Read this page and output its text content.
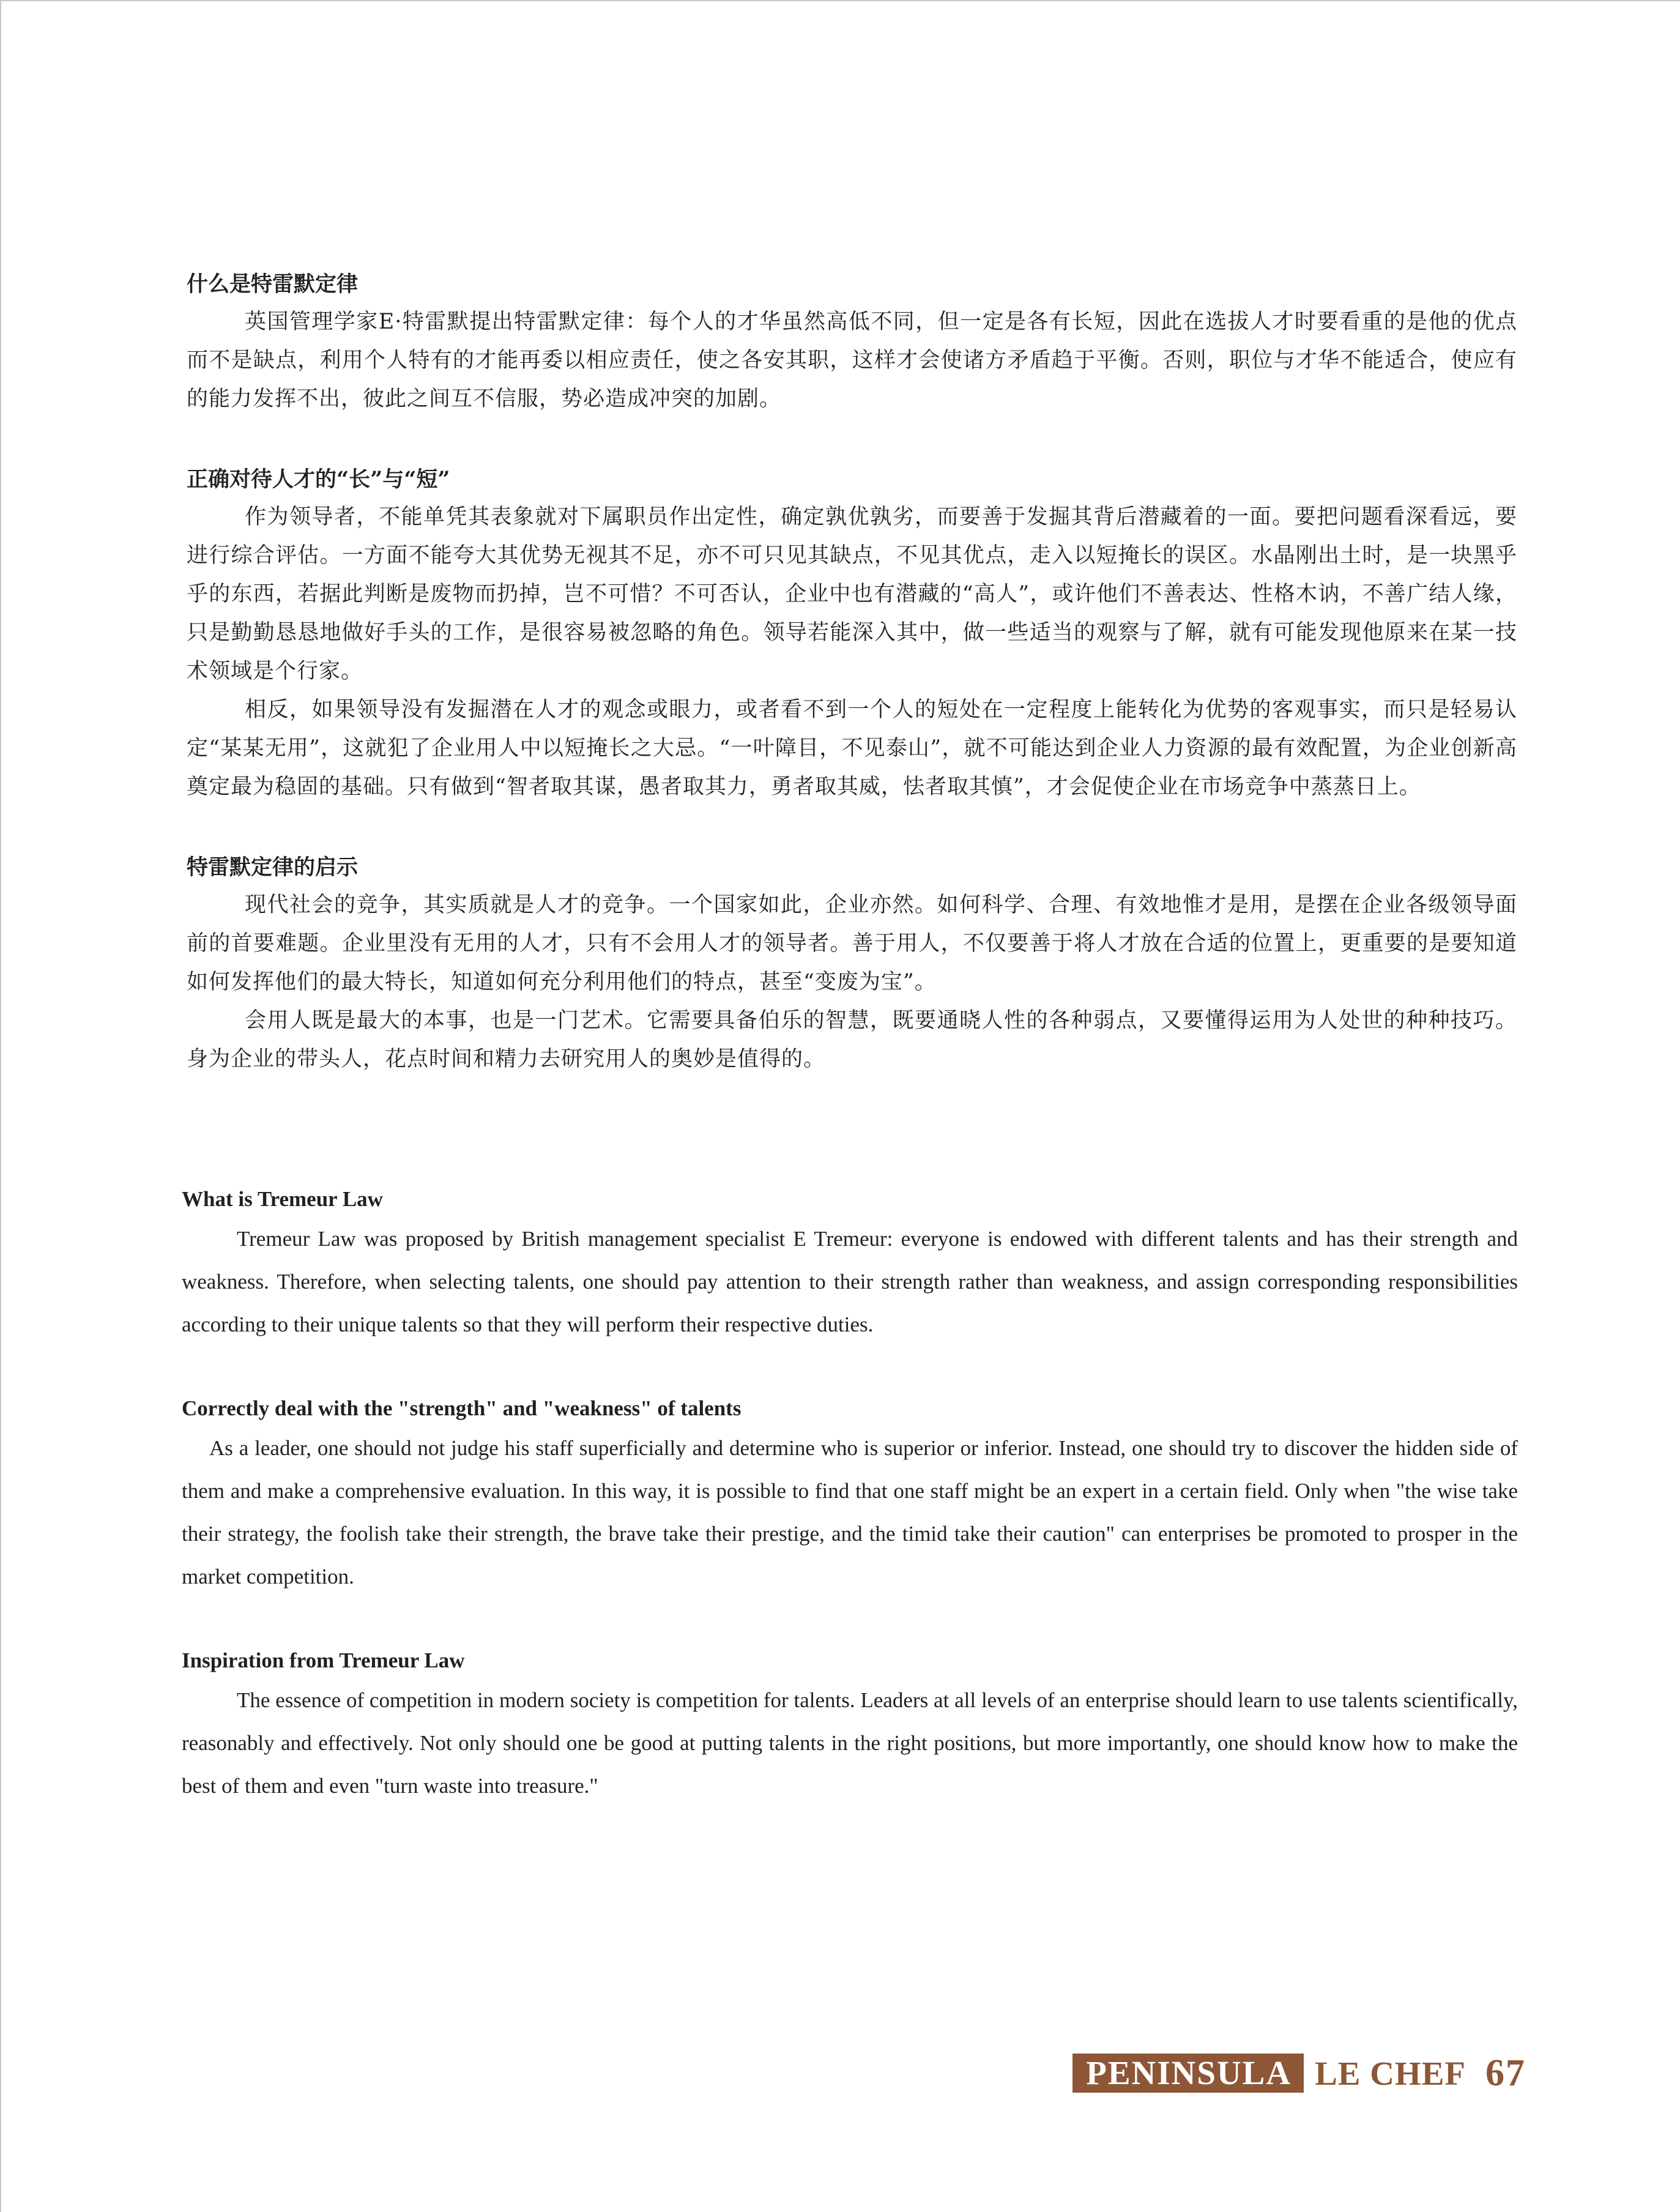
什么是特雷默定律

英国管理学家E·特雷默提出特雷默定律：每个人的才华虽然高低不同，但一定是各有长短，因此在选拔人才时要看重的是他的优点而不是缺点，利用个人特有的才能再委以相应责任，使之各安其职，这样才会使诸方矛盾趋于平衡。否则，职位与才华不能适合，使应有的能力发挥不出，彼此之间互不信服，势必造成冲突的加剧。

正确对待人才的“长”与“短”

作为领导者，不能单凭其表象就对下属职员作出定性，确定孰优孰劣，而要善于发掘其背后潜藏着的一面。要把问题看深看远，要进行综合评估。一方面不能夸大其优势无视其不足，亦不可只见其缺点，不见其优点，走入以短掩长的误区。水晶刚出土时，是一块黑乎乎的东西，若据此判断是废物而扔掉，岂不可惜？不可否认，企业中也有潜藏的“高人”，或许他们不善表达、性格木讷，不善广结人缘，只是勤勤恳恳地做好手头的工作，是很容易被忽略的角色。领导若能深入其中，做一些适当的观察与了解，就有可能发现他原来在某一技术领域是个行家。

相反，如果领导没有发掘潜在人才的观念或眼力，或者看不到一个人的短处在一定程度上能转化为优势的客观事实，而只是轻易认定“某某无用”，这就犯了企业用人中以短掩长之大忌。“一叶障目，不见泰山”，就不可能达到企业人力资源的最有效配置，为企业创新高奠定最为稳固的基础。只有做到“智者取其谋，愚者取其力，勇者取其威，怯者取其慎”，才会促使企业在市场竞争中蒸蒸日上。

特雷默定律的启示

现代社会的竞争，其实质就是人才的竞争。一个国家如此，企业亦然。如何科学、合理、有效地惟才是用，是摆在企业各级领导面前的首要难题。企业里没有无用的人才，只有不会用人才的领导者。善于用人，不仅要善于将人才放在合适的位置上，更重要的是要知道如何发挥他们的最大特长，知道如何充分利用他们的特点，甚至“变废为宝”。

会用人既是最大的本事，也是一门艺术。它需要具备伯乐的智慧，既要通晓人性的各种弱点，又要懂得运用为人处世的种种技巧。身为企业的带头人，花点时间和精力去研究用人的奥妙是值得的。

What is Tremeur Law

Tremeur Law was proposed by British management specialist E Tremeur: everyone is endowed with different talents and has their strength and weakness. Therefore, when selecting talents, one should pay attention to their strength rather than weakness, and assign corresponding responsibilities according to their unique talents so that they will perform their respective duties.

Correctly deal with the "strength" and "weakness" of talents

As a leader, one should not judge his staff superficially and determine who is superior or inferior. Instead, one should try to discover the hidden side of them and make a comprehensive evaluation. In this way, it is possible to find that one staff might be an expert in a certain field. Only when "the wise take their strategy, the foolish take their strength, the brave take their prestige, and the timid take their caution" can enterprises be promoted to prosper in the market competition.

Inspiration from Tremeur Law

The essence of competition in modern society is competition for talents. Leaders at all levels of an enterprise should learn to use talents scientifically, reasonably and effectively. Not only should one be good at putting talents in the right positions, but more importantly, one should know how to make the best of them and even "turn waste into treasure."

PENINSULA LE CHEF 67
